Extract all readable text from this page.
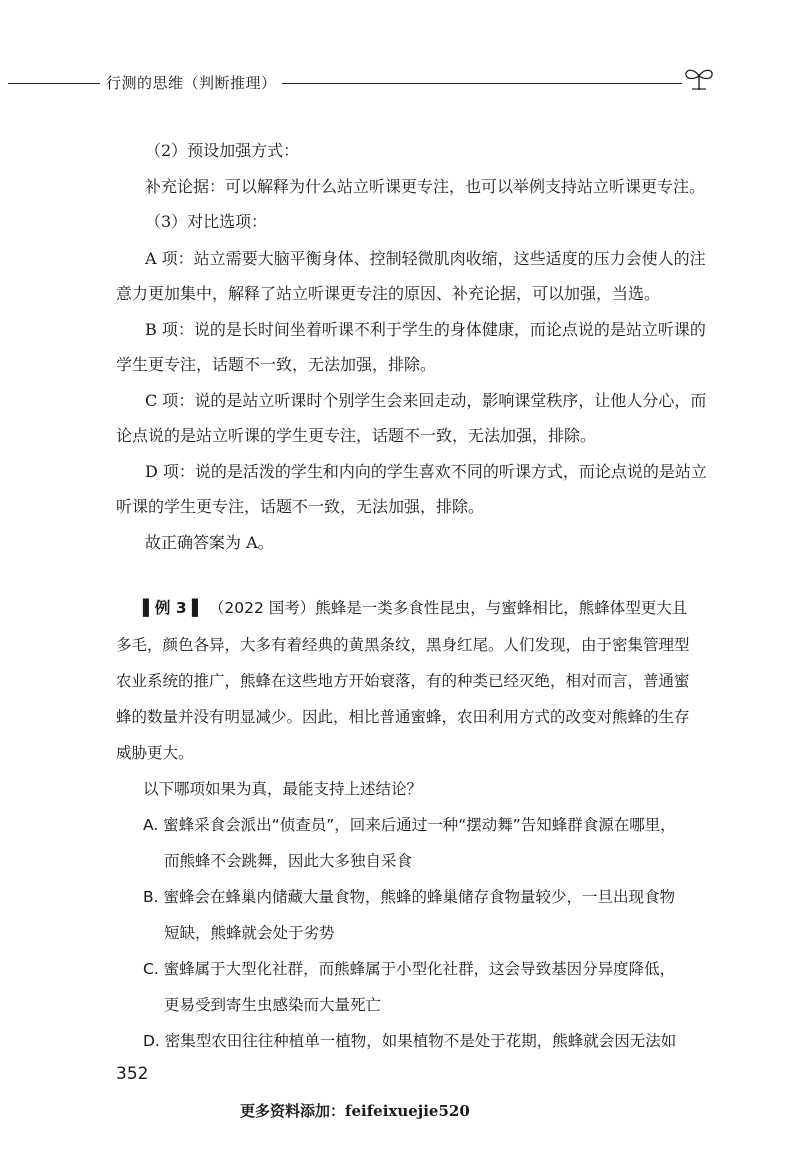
行测的思维（判断推理）
（2）预设加强方式：
补充论据：可以解释为什么站立听课更专注，也可以举例支持站立听课更专注。
（3）对比选项：
A 项：站立需要大脑平衡身体、控制轻微肌肉收缩，这些适度的压力会使人的注
意力更加集中，解释了站立听课更专注的原因、补充论据，可以加强，当选。
B 项：说的是长时间坐着听课不利于学生的身体健康，而论点说的是站立听课的
学生更专注，话题不一致，无法加强，排除。
C 项：说的是站立听课时个别学生会来回走动，影响课堂秩序，让他人分心，而
论点说的是站立听课的学生更专注，话题不一致，无法加强，排除。
D 项：说的是活泼的学生和内向的学生喜欢不同的听课方式，而论点说的是站立
听课的学生更专注，话题不一致，无法加强，排除。
故正确答案为 A。
▌例 3 ▌ （2022 国考）熊蜂是一类多食性昆虫，与蜜蜂相比，熊蜂体型更大且
多毛，颜色各异，大多有着经典的黄黑条纹，黑身红尾。人们发现，由于密集管理型
农业系统的推广，熊蜂在这些地方开始衰落，有的种类已经灭绝，相对而言，普通蜜
蜂的数量并没有明显减少。因此，相比普通蜜蜂，农田利用方式的改变对熊蜂的生存
威胁更大。
以下哪项如果为真，最能支持上述结论？
A. 蜜蜂采食会派出“侦查员”，回来后通过一种“摆动舞”告知蜂群食源在哪里，
而熊蜂不会跳舞，因此大多独自采食
B. 蜜蜂会在蜂巢内储藏大量食物，熊蜂的蜂巢储存食物量较少，一旦出现食物
短缺，熊蜂就会处于劣势
C. 蜜蜂属于大型化社群，而熊蜂属于小型化社群，这会导致基因分异度降低，
更易受到寄生虫感染而大量死亡
D. 密集型农田往往种植单一植物，如果植物不是处于花期，熊蜂就会因无法如
352
更多资料添加：feifeixuejie520
